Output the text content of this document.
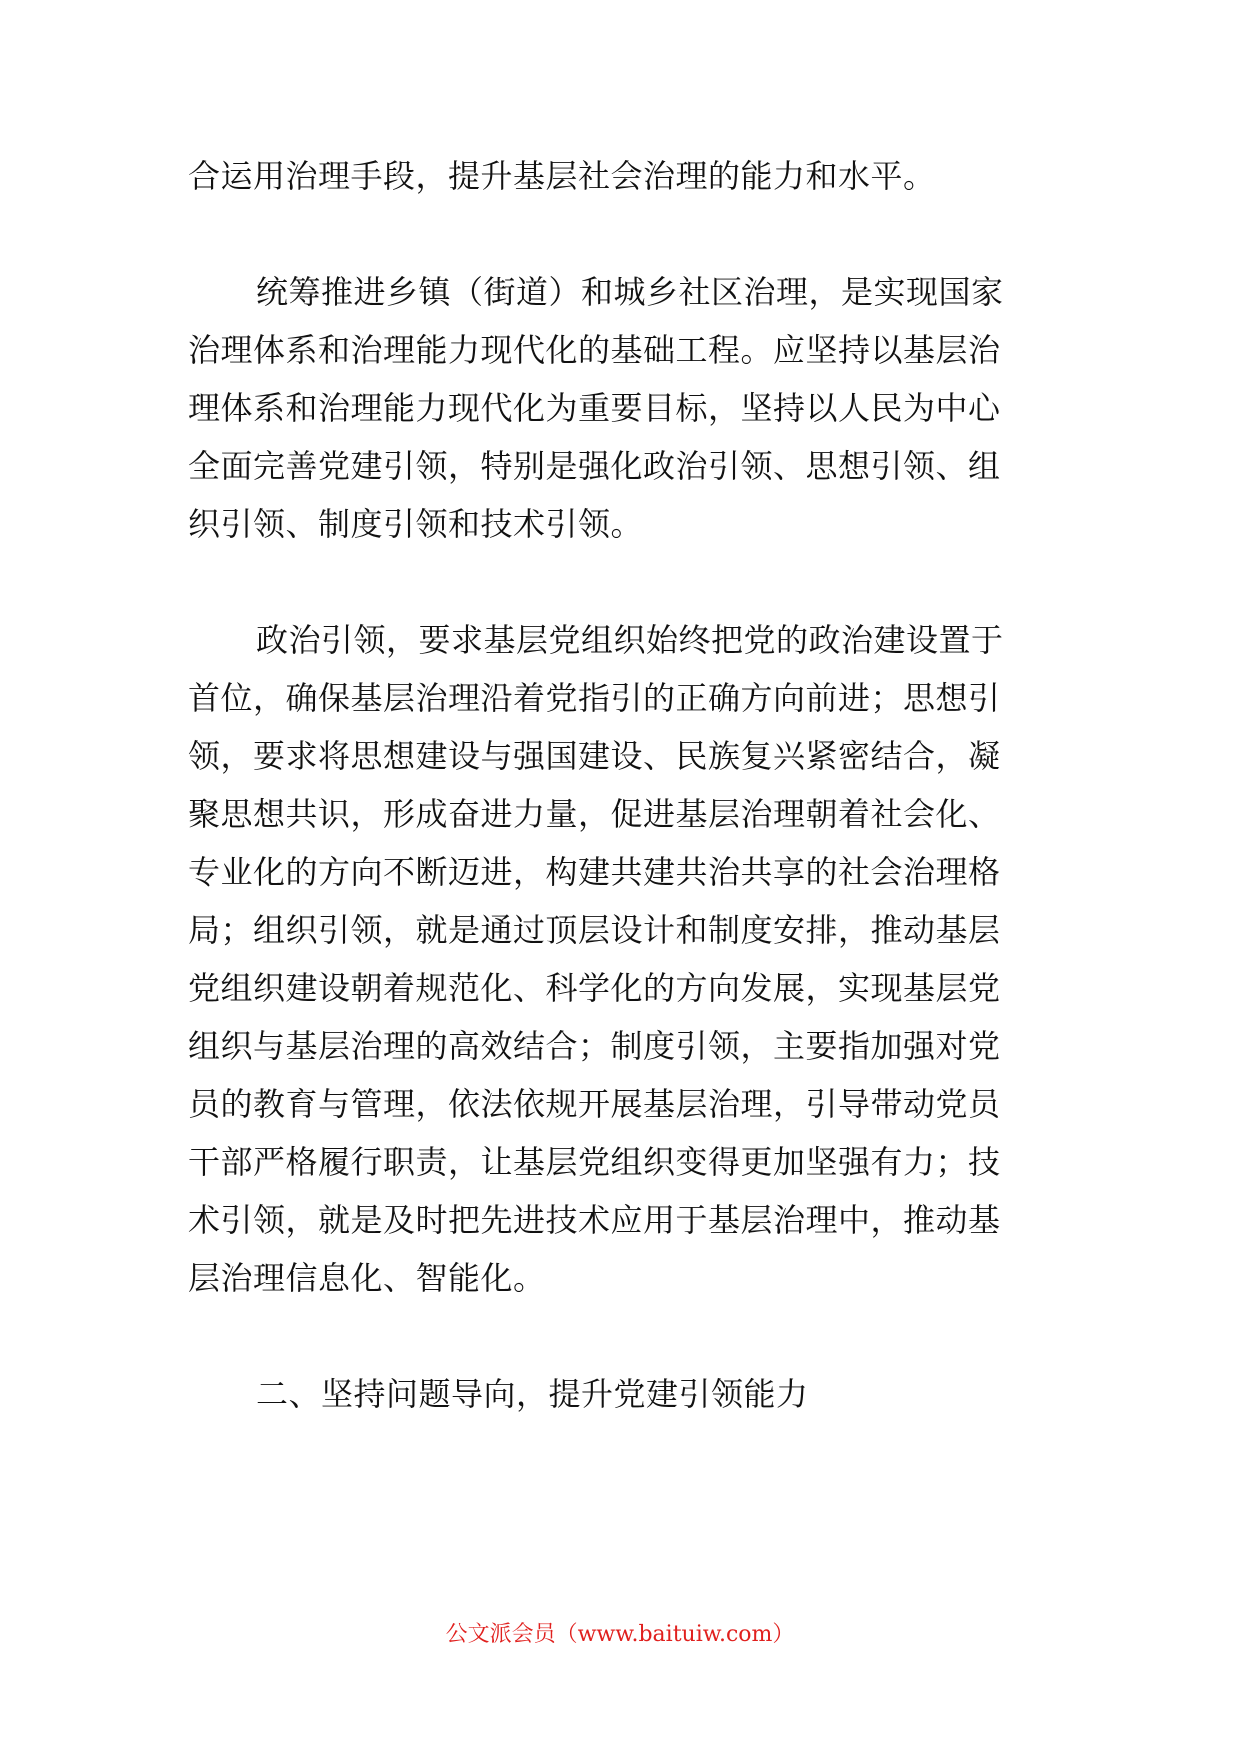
合运用治理手段，提升基层社会治理的能力和水平。
统筹推进乡镇（街道）和城乡社区治理，是实现国家
治理体系和治理能力现代化的基础工程。应坚持以基层治
理体系和治理能力现代化为重要目标，坚持以人民为中心
全面完善党建引领，特别是强化政治引领、思想引领、组
织引领、制度引领和技术引领。
政治引领，要求基层党组织始终把党的政治建设置于
首位，确保基层治理沿着党指引的正确方向前进；思想引
领，要求将思想建设与强国建设、民族复兴紧密结合，凝
聚思想共识，形成奋进力量，促进基层治理朝着社会化、
专业化的方向不断迈进，构建共建共治共享的社会治理格
局；组织引领，就是通过顶层设计和制度安排，推动基层
党组织建设朝着规范化、科学化的方向发展，实现基层党
组织与基层治理的高效结合；制度引领，主要指加强对党
员的教育与管理，依法依规开展基层治理，引导带动党员
干部严格履行职责，让基层党组织变得更加坚强有力；技
术引领，就是及时把先进技术应用于基层治理中，推动基
层治理信息化、智能化。
二、坚持问题导向，提升党建引领能力
公文派会员（www.baituiw.com）
